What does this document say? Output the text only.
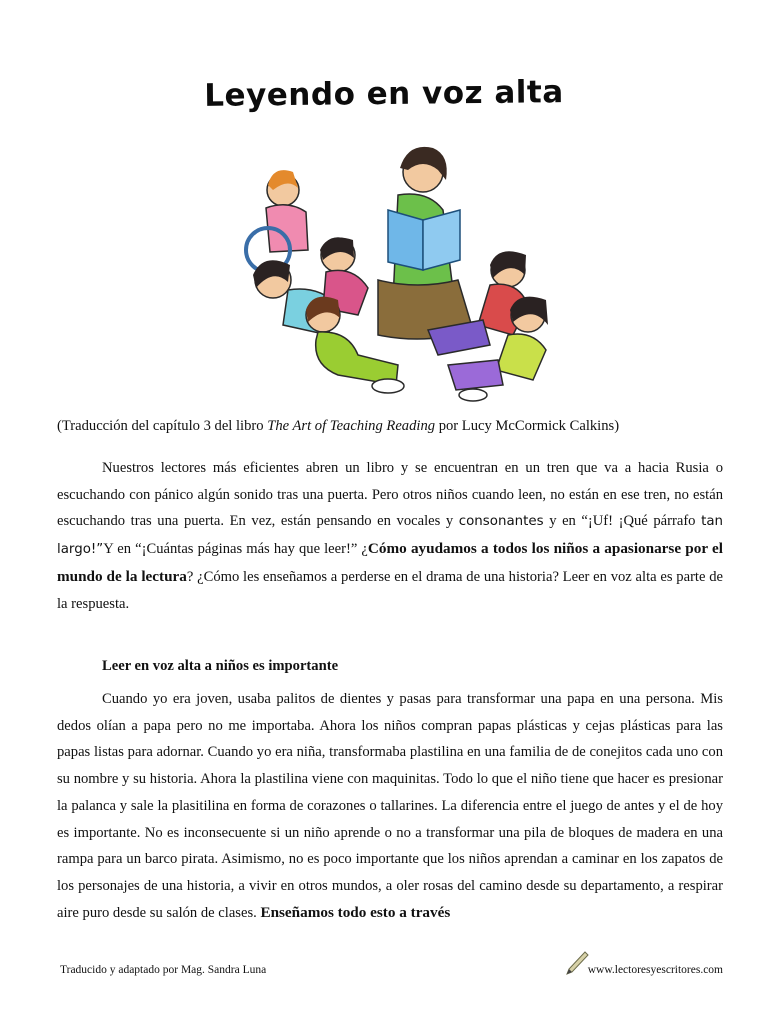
Leyendo en voz alta
(Traducción del capítulo 3 del libro The Art of Teaching Reading por Lucy McCormick Calkins)
Nuestros lectores más eficientes abren un libro y se encuentran en un tren que va a hacia Rusia o escuchando con pánico algún sonido tras una puerta. Pero otros niños cuando leen, no están en ese tren, no están escuchando tras una puerta. En vez, están pensando en vocales y consonantes y en “¡Uf! ¡Qué párrafo tan largo!”Y en “¡Cuántas páginas más hay que leer!” ¿Cómo ayudamos a todos los niños a apasionarse por el mundo de la lectura? ¿Cómo les enseñamos a perderse en el drama de una historia? Leer en voz alta es parte de la respuesta.
Leer en voz alta a niños es importante
Cuando yo era joven, usaba palitos de dientes y pasas para transformar una papa en una persona. Mis dedos olían a papa pero no me importaba. Ahora los niños compran papas plásticas y cejas plásticas para las papas listas para adornar. Cuando yo era niña, transformaba plastilina en una familia de de conejitos cada uno con su nombre y su historia. Ahora la plastilina viene con maquinitas. Todo lo que el niño tiene que hacer es presionar la palanca y sale la plasitilina en forma de corazones o tallarines. La diferencia entre el juego de antes y el de hoy es importante. No es inconsecuente si un niño aprende o no a transformar una pila de bloques de madera en una rampa para un barco pirata. Asimismo, no es poco importante que los niños aprendan a caminar en los zapatos de los personajes de una historia, a vivir en otros mundos, a oler rosas del camino desde su departamento, a respirar aire puro desde su salón de clases. Enseñamos todo esto a través
Traducido y adaptado por Mag. Sandra Luna	www.lectoresyescritores.com
